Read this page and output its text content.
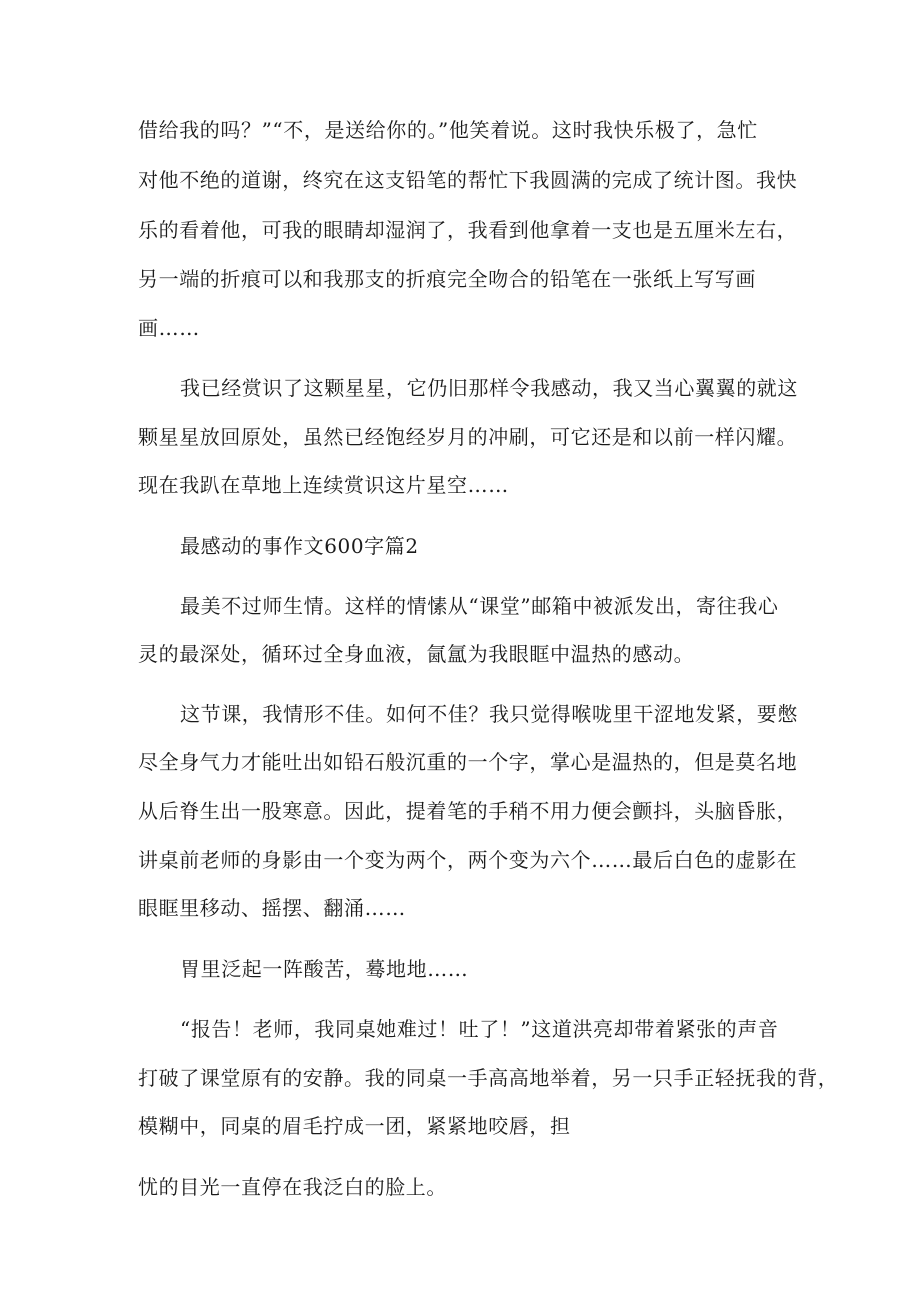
借给我的吗？”“不，是送给你的。”他笑着说。这时我快乐极了，急忙
对他不绝的道谢，终究在这支铅笔的帮忙下我圆满的完成了统计图。我快
乐的看着他，可我的眼睛却湿润了，我看到他拿着一支也是五厘米左右，
另一端的折痕可以和我那支的折痕完全吻合的铅笔在一张纸上写写画
画……
我已经赏识了这颗星星，它仍旧那样令我感动，我又当心翼翼的就这
颗星星放回原处，虽然已经饱经岁月的冲刷，可它还是和以前一样闪耀。
现在我趴在草地上连续赏识这片星空……
最感动的事作文600字篇2
最美不过师生情。这样的情愫从“课堂”邮箱中被派发出，寄往我心
灵的最深处，循环过全身血液，氤氲为我眼眶中温热的感动。
这节课，我情形不佳。如何不佳？我只觉得喉咙里干涩地发紧，要憋
尽全身气力才能吐出如铅石般沉重的一个字，掌心是温热的，但是莫名地
从后脊生出一股寒意。因此，提着笔的手稍不用力便会颤抖，头脑昏胀，
讲桌前老师的身影由一个变为两个，两个变为六个……最后白色的虚影在
眼眶里移动、摇摆、翻涌……
胃里泛起一阵酸苦，蓦地地……
“报告！老师，我同桌她难过！吐了！”这道洪亮却带着紧张的声音
打破了课堂原有的安静。我的同桌一手高高地举着，另一只手正轻抚我的背，
模糊中，同桌的眉毛拧成一团，紧紧地咬唇，担
忧的目光一直停在我泛白的脸上。
